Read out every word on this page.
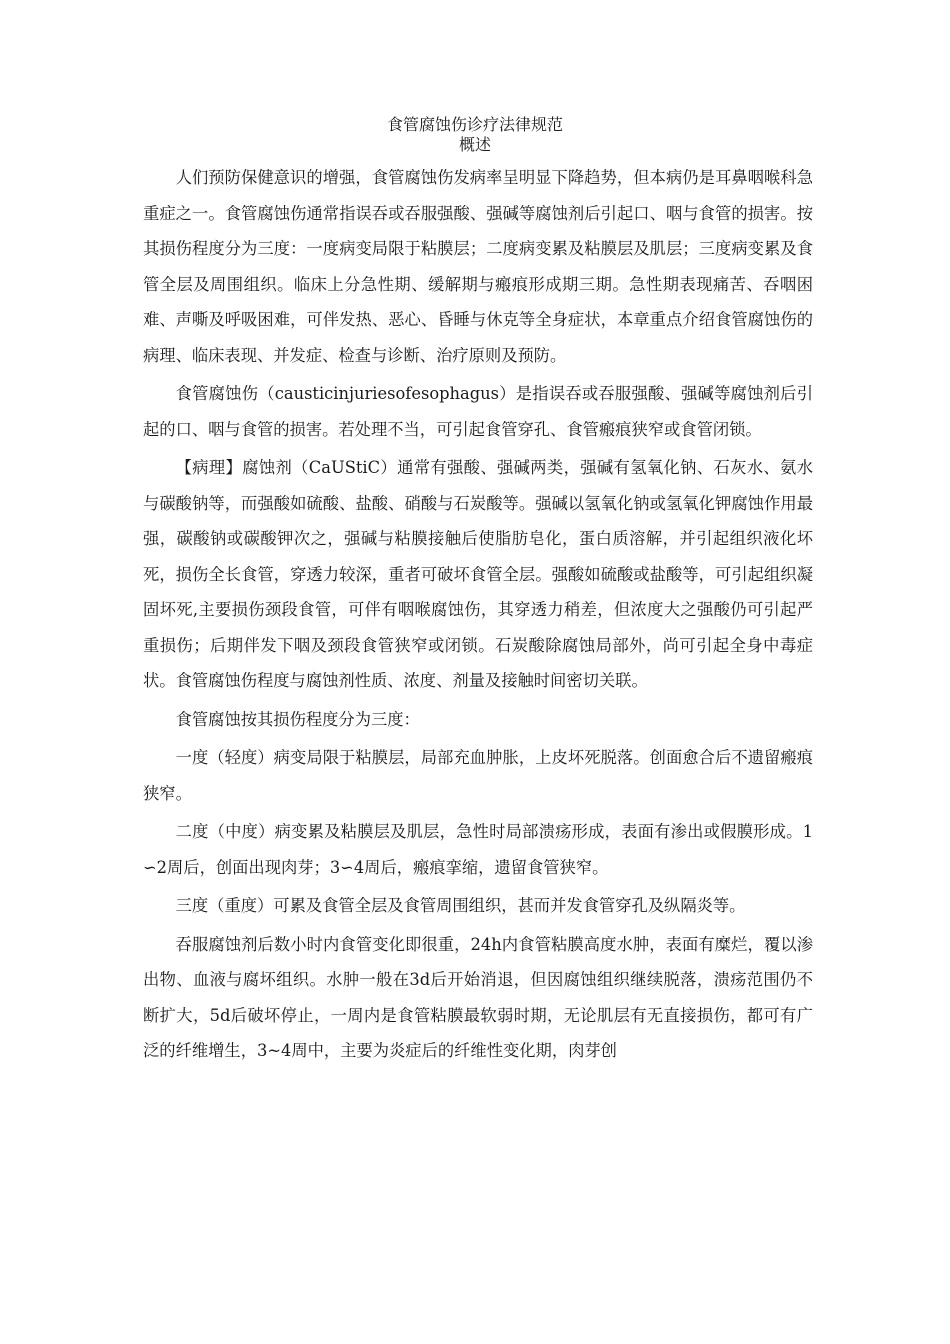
食管腐蚀伤诊疗法律规范
概述

人们预防保健意识的增强，食管腐蚀伤发病率呈明显下降趋势，但本病仍是耳鼻咽喉科急重症之一。食管腐蚀伤通常指误吞或吞服强酸、强碱等腐蚀剂后引起口、咽与食管的损害。按其损伤程度分为三度：一度病变局限于粘膜层；二度病变累及粘膜层及肌层；三度病变累及食管全层及周围组织。临床上分急性期、缓解期与瘢痕形成期三期。急性期表现痛苦、吞咽困难、声嘶及呼吸困难，可伴发热、恶心、昏睡与休克等全身症状，本章重点介绍食管腐蚀伤的病理、临床表现、并发症、检查与诊断、治疗原则及预防。

食管腐蚀伤（causticinjuriesofesophagus）是指误吞或吞服强酸、强碱等腐蚀剂后引起的口、咽与食管的损害。若处理不当，可引起食管穿孔、食管瘢痕狭窄或食管闭锁。

【病理】腐蚀剂（CaUStiC）通常有强酸、强碱两类，强碱有氢氧化钠、石灰水、氨水与碳酸钠等，而强酸如硫酸、盐酸、硝酸与石炭酸等。强碱以氢氧化钠或氢氧化钾腐蚀作用最强，碳酸钠或碳酸钾次之，强碱与粘膜接触后使脂肪皂化，蛋白质溶解，并引起组织液化坏死，损伤全长食管，穿透力较深，重者可破坏食管全层。强酸如硫酸或盐酸等，可引起组织凝固坏死,主要损伤颈段食管，可伴有咽喉腐蚀伤，其穿透力稍差，但浓度大之强酸仍可引起严重损伤；后期伴发下咽及颈段食管狭窄或闭锁。石炭酸除腐蚀局部外，尚可引起全身中毒症状。食管腐蚀伤程度与腐蚀剂性质、浓度、剂量及接触时间密切关联。

食管腐蚀按其损伤程度分为三度：

一度（轻度）病变局限于粘膜层，局部充血肿胀，上皮坏死脱落。创面愈合后不遗留瘢痕狭窄。

二度（中度）病变累及粘膜层及肌层，急性时局部溃疡形成，表面有渗出或假膜形成。1∽2周后，创面出现肉芽；3∽4周后，瘢痕挛缩，遗留食管狭窄。

三度（重度）可累及食管全层及食管周围组织，甚而并发食管穿孔及纵隔炎等。

吞服腐蚀剂后数小时内食管变化即很重，24h内食管粘膜高度水肿，表面有糜烂，覆以渗出物、血液与腐坏组织。水肿一般在3d后开始消退，但因腐蚀组织继续脱落，溃疡范围仍不断扩大，5d后破坏停止，一周内是食管粘膜最软弱时期，无论肌层有无直接损伤，都可有广泛的纤维增生，3~4周中，主要为炎症后的纤维性变化期，肉芽创
